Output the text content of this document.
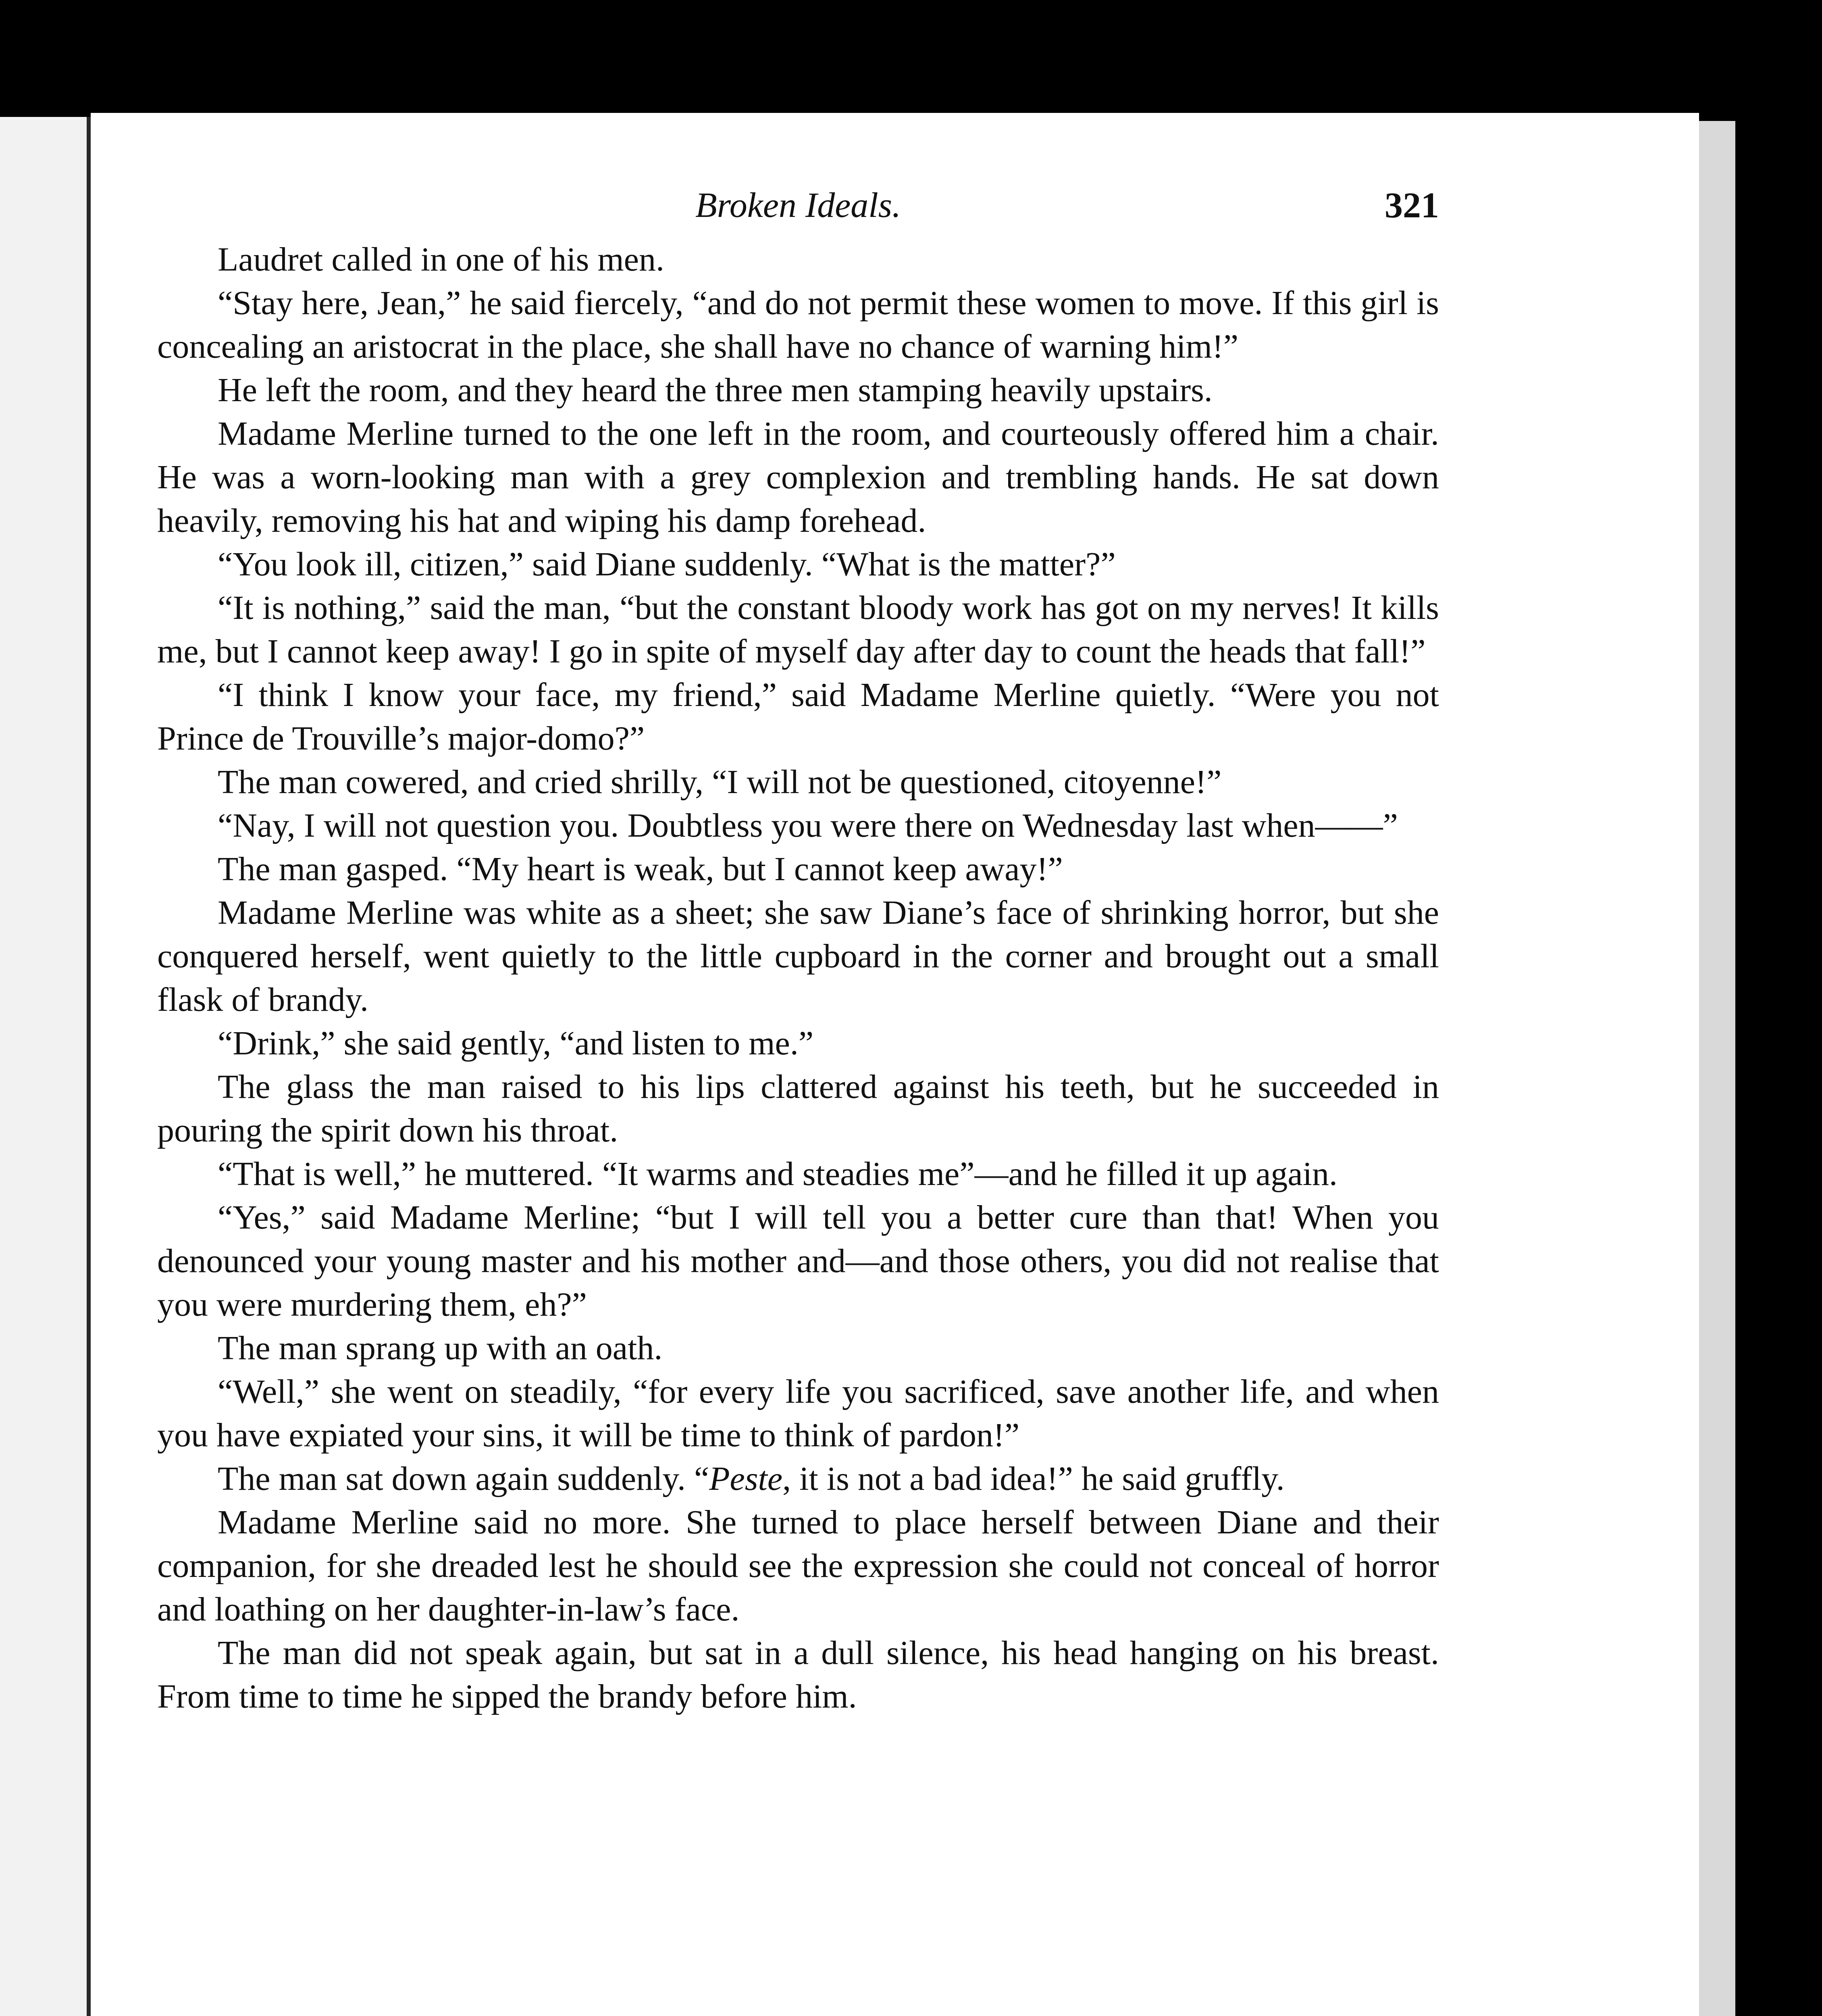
Broken Ideals.	321

Laudret called in one of his men.

“Stay here, Jean,” he said fiercely, “and do not permit these women to move. If this girl is concealing an aristocrat in the place, she shall have no chance of warning him!”

He left the room, and they heard the three men stamping heavily upstairs.

Madame Merline turned to the one left in the room, and courteously offered him a chair. He was a worn-looking man with a grey complexion and trembling hands. He sat down heavily, removing his hat and wiping his damp forehead.

“You look ill, citizen,” said Diane suddenly. “What is the matter?”

“It is nothing,” said the man, “but the constant bloody work has got on my nerves! It kills me, but I cannot keep away! I go in spite of myself day after day to count the heads that fall!”

“I think I know your face, my friend,” said Madame Merline quietly. “Were you not Prince de Trouville’s major-domo?”

The man cowered, and cried shrilly, “I will not be questioned, citoyenne!”

“Nay, I will not question you. Doubtless you were there on Wednesday last when——”

The man gasped. “My heart is weak, but I cannot keep away!”

Madame Merline was white as a sheet; she saw Diane’s face of shrinking horror, but she conquered herself, went quietly to the little cupboard in the corner and brought out a small flask of brandy.

“Drink,” she said gently, “and listen to me.”

The glass the man raised to his lips clattered against his teeth, but he succeeded in pouring the spirit down his throat.

“That is well,” he muttered. “It warms and steadies me”—and he filled it up again.

“Yes,” said Madame Merline; “but I will tell you a better cure than that! When you denounced your young master and his mother and—and those others, you did not realise that you were murdering them, eh?”

The man sprang up with an oath.

“Well,” she went on steadily, “for every life you sacrificed, save another life, and when you have expiated your sins, it will be time to think of pardon!”

The man sat down again suddenly. “Peste, it is not a bad idea!” he said gruffly.

Madame Merline said no more. She turned to place herself between Diane and their companion, for she dreaded lest he should see the expression she could not conceal of horror and loathing on her daughter-in-law’s face.

The man did not speak again, but sat in a dull silence, his head hanging on his breast. From time to time he sipped the brandy before him.
